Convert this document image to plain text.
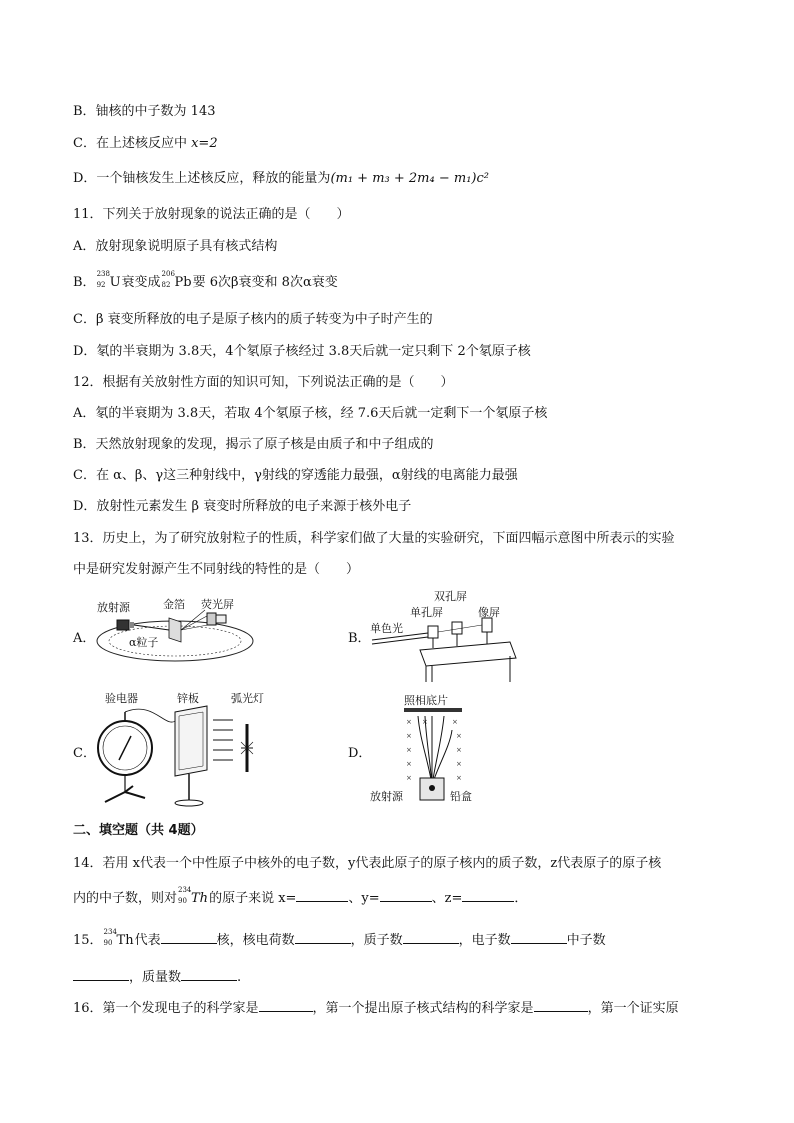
B．铀核的中子数为 143
C．在上述核反应中 x=2
D．一个铀核发生上述核反应，释放的能量为(m₁ + m₃ + 2m₄ − m₁)c²
11．下列关于放射现象的说法正确的是（　　）
A．放射现象说明原子具有核式结构
B．
238
92 U衰变成
206
82 Pb要 6次β衰变和 8次α衰变
C．β 衰变所释放的电子是原子核内的质子转变为中子时产生的
D．氡的半衰期为 3.8天，4个氡原子核经过 3.8天后就一定只剩下 2个氡原子核
12．根据有关放射性方面的知识可知，下列说法正确的是（　　）
A．氡的半衰期为 3.8天，若取 4个氡原子核，经 7.6天后就一定剩下一个氡原子核
B．天然放射现象的发现，揭示了原子核是由质子和中子组成的
C．在 α、β、γ这三种射线中，γ射线的穿透能力最强，α射线的电离能力最强
D．放射性元素发生 β 衰变时所释放的电子来源于核外电子
13．历史上，为了研究放射粒子的性质，科学家们做了大量的实验研究，下面四幅示意图中所表示的实验
中是研究发射源产生不同射线的特性的是（　　）
A．	B．
C．	D．
放射源	金箔 荧光屏
α粒子
双孔屏
单孔屏	像屏
单色光
验电器	锌板	弧光灯
× ×	×
×	×
×	×
×	×
×	×
照相底片
放射源	铅盒
二、填空题（共 4题）
14．若用 x代表一个中性原子中核外的电子数，y代表此原子的原子核内的质子数，z代表原子的原子核
内的中子数，则对
234
90 Th的原子来说 x=	、y=	、z=	．
15．
234
90 Th代表	核，核电荷数	，质子数	，电子数	中子数
，质量数	.
16．第一个发现电子的科学家是	，第一个提出原子核式结构的科学家是	，第一个证实原
